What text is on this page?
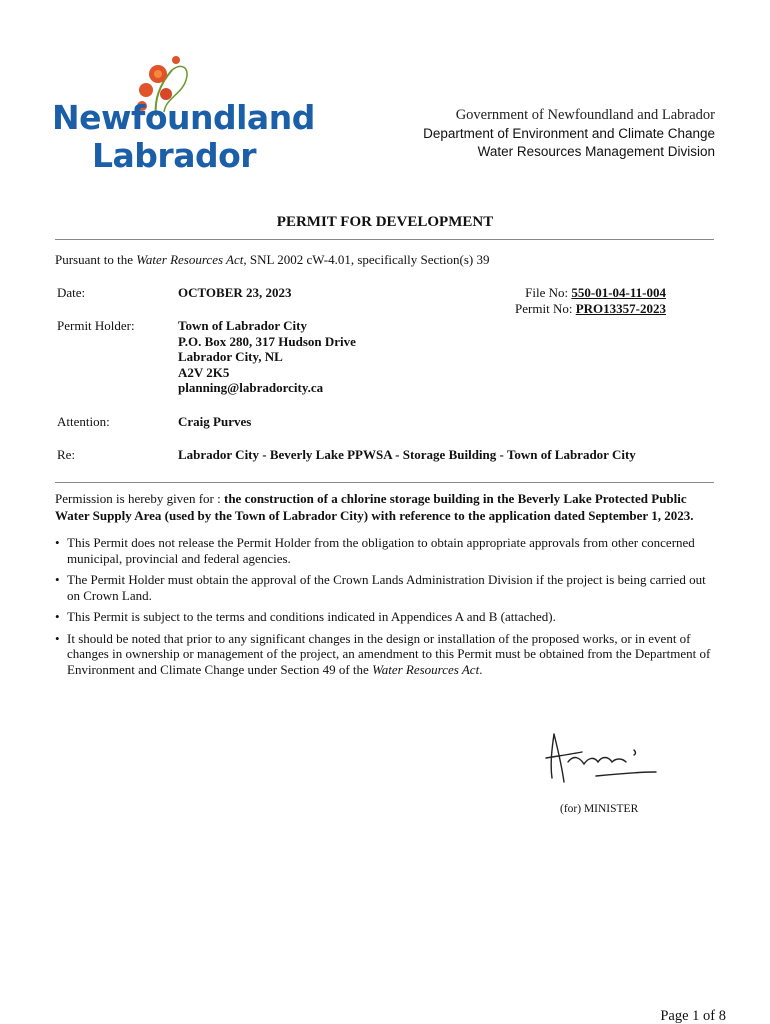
Newfoundland
Labrador
Government of Newfoundland and Labrador
Department of Environment and Climate Change
Water Resources Management Division
PERMIT FOR DEVELOPMENT
Pursuant to the Water Resources Act, SNL 2002 cW-4.01, specifically Section(s) 39
Date:	OCTOBER 23, 2023	File No: 550-01-04-11-004
Permit No: PRO13357-2023
Permit Holder:	Town of Labrador City
P.O. Box 280, 317 Hudson Drive
Labrador City, NL
A2V 2K5
planning@labradorcity.ca
Attention:	Craig Purves
Re:	Labrador City - Beverly Lake PPWSA - Storage Building - Town of Labrador City
Permission is hereby given for : the construction of a chlorine storage building in the Beverly Lake Protected Public Water Supply Area (used by the Town of Labrador City) with reference to the application dated September 1, 2023.
• This Permit does not release the Permit Holder from the obligation to obtain appropriate approvals from other concerned municipal, provincial and federal agencies.
• The Permit Holder must obtain the approval of the Crown Lands Administration Division if the project is being carried out on Crown Land.
• This Permit is subject to the terms and conditions indicated in Appendices A and B (attached).
• It should be noted that prior to any significant changes in the design or installation of the proposed works, or in event of changes in ownership or management of the project, an amendment to this Permit must be obtained from the Department of Environment and Climate Change under Section 49 of the Water Resources Act.
(for) MINISTER
Page 1 of 8
